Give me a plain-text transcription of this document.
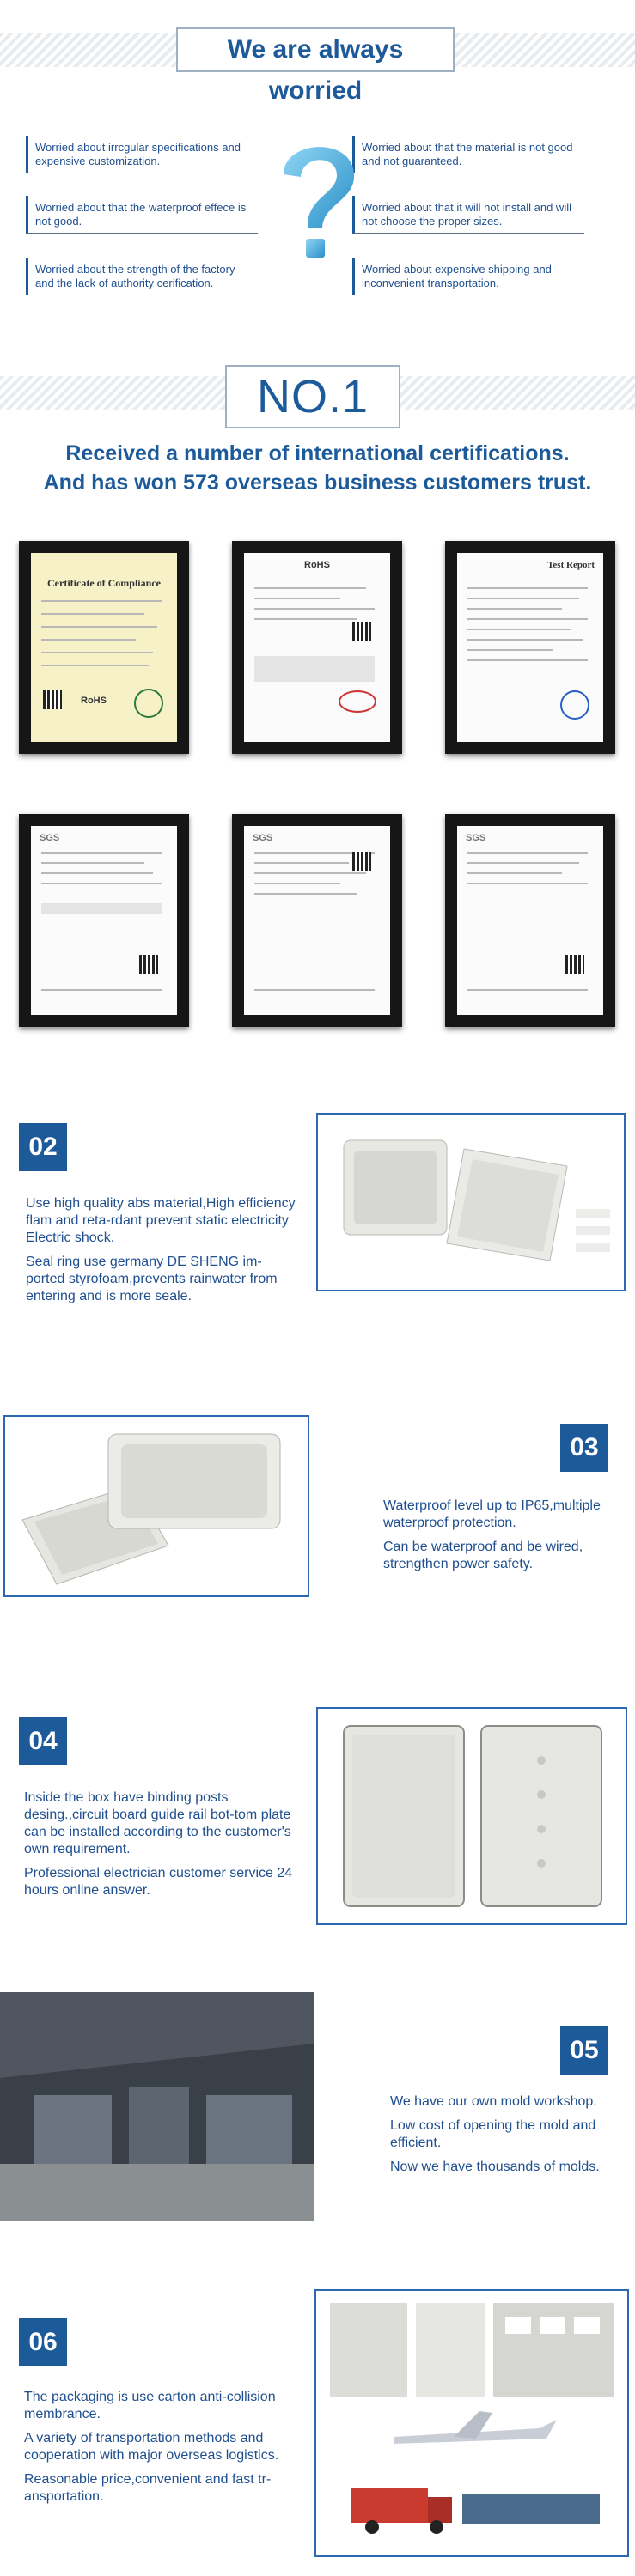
We are always worried
Worried about irrcgular specifications and expensive customization.
Worried about that the material is not good and not guaranteed.
Worried about that the waterproof effece is not good.
Worried about that it will not install and will not choose the proper sizes.
Worried about the strength of the factory and the lack of authority cerification.
Worried about expensive shipping and inconvenient transportation.
NO.1
Received a number of international certifications.
And has won 573 overseas business customers trust.
Certificate of Compliance
RoHS
RoHS	Test Report
SGS	SGS	SGS
02

Use high quality abs material,High efficiency flam and reta-rdant prevent static electricity Electric shock.

Seal ring use germany DE SHENG im-ported styrofoam,prevents rainwater from entering and is more seale.

03

Waterproof level up to IP65,multiple waterproof protection.

Can be waterproof and be wired, strengthen power safety.

04

Inside the box have binding posts desing.,circuit board guide rail bot-tom plate can be installed according to the customer's own requirement.

Professional electrician customer service 24 hours online answer.

05

We have our own mold workshop.

Low cost of opening the mold and efficient.

Now we have thousands of molds.

06

The packaging is use carton anti-collision membrance.

A variety of transportation methods and cooperation with major overseas logistics.

Reasonable price,convenient and fast tr-ansportation.
